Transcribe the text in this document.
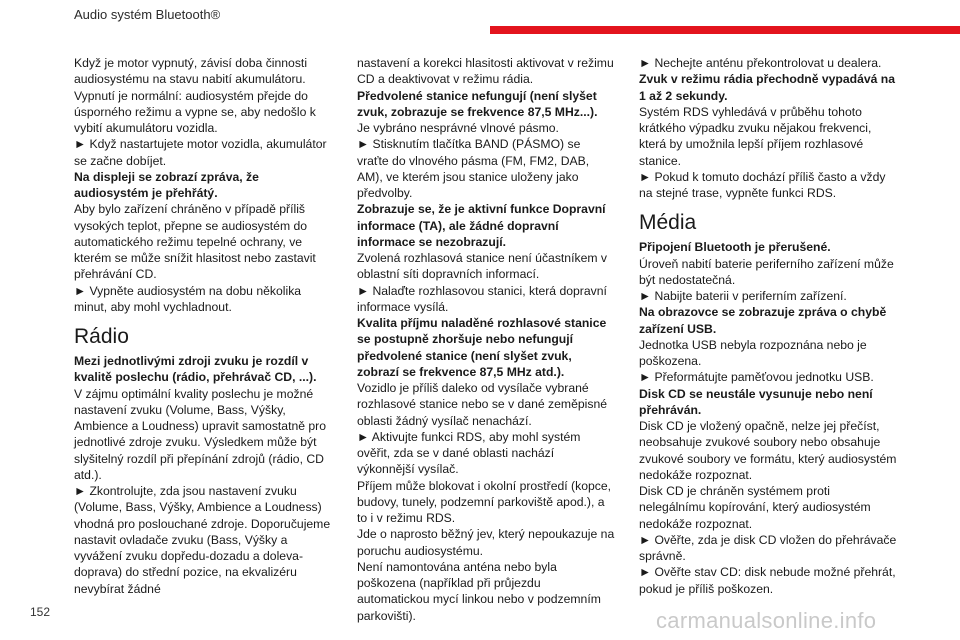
Audio systém Bluetooth®

Když je motor vypnutý, závisí doba činnosti audiosystému na stavu nabití akumulátoru. Vypnutí je normální: audiosystém přejde do úsporného režimu a vypne se, aby nedošlo k vybití akumulátoru vozidla.

► Když nastartujete motor vozidla, akumulátor se začne dobíjet.

Na displeji se zobrazí zpráva, že audiosystém je přehřátý.

Aby bylo zařízení chráněno v případě příliš vysokých teplot, přepne se audiosystém do automatického režimu tepelné ochrany, ve kterém se může snížit hlasitost nebo zastavit přehrávání CD.

► Vypněte audiosystém na dobu několika minut, aby mohl vychladnout.

Rádio

Mezi jednotlivými zdroji zvuku je rozdíl v kvalitě poslechu (rádio, přehrávač CD, ...).

V zájmu optimální kvality poslechu je možné nastavení zvuku (Volume, Bass, Výšky, Ambience a Loudness) upravit samostatně pro jednotlivé zdroje zvuku. Výsledkem může být slyšitelný rozdíl při přepínání zdrojů (rádio, CD atd.).

► Zkontrolujte, zda jsou nastavení zvuku (Volume, Bass, Výšky, Ambience a Loudness) vhodná pro poslouchané zdroje. Doporučujeme nastavit ovladače zvuku (Bass, Výšky a vyvážení zvuku dopředu-dozadu a doleva-doprava) do střední pozice, na ekvalizéru nevybírat žádné

nastavení a korekci hlasitosti aktivovat v režimu CD a deaktivovat v režimu rádia.

Předvolené stanice nefungují (není slyšet zvuk, zobrazuje se frekvence 87,5 MHz...).

Je vybráno nesprávné vlnové pásmo.

► Stisknutím tlačítka BAND (PÁSMO) se vraťte do vlnového pásma (FM, FM2, DAB, AM), ve kterém jsou stanice uloženy jako předvolby.

Zobrazuje se, že je aktivní funkce Dopravní informace (TA), ale žádné dopravní informace se nezobrazují.

Zvolená rozhlasová stanice není účastníkem v oblastní síti dopravních informací.

► Nalaďte rozhlasovou stanici, která dopravní informace vysílá.

Kvalita příjmu naladěné rozhlasové stanice se postupně zhoršuje nebo nefungují předvolené stanice (není slyšet zvuk, zobrazí se frekvence 87,5 MHz atd.).

Vozidlo je příliš daleko od vysílače vybrané rozhlasové stanice nebo se v dané zeměpisné oblasti žádný vysílač nenachází.

► Aktivujte funkci RDS, aby mohl systém ověřit, zda se v dané oblasti nachází výkonnější vysílač.

Příjem může blokovat i okolní prostředí (kopce, budovy, tunely, podzemní parkoviště apod.), a to i v režimu RDS.

Jde o naprosto běžný jev, který nepoukazuje na poruchu audiosystému.

Není namontována anténa nebo byla poškozena (například při průjezdu automatickou mycí linkou nebo v podzemním parkovišti).

► Nechejte anténu překontrolovat u dealera.

Zvuk v režimu rádia přechodně vypadává na 1 až 2 sekundy.

Systém RDS vyhledává v průběhu tohoto krátkého výpadku zvuku nějakou frekvenci, která by umožnila lepší příjem rozhlasové stanice.

► Pokud k tomuto dochází příliš často a vždy na stejné trase, vypněte funkci RDS.

Média

Připojení Bluetooth je přerušené.

Úroveň nabití baterie periferního zařízení může být nedostatečná.

► Nabijte baterii v periferním zařízení.

Na obrazovce se zobrazuje zpráva o chybě zařízení USB.

Jednotka USB nebyla rozpoznána nebo je poškozena.

► Přeformátujte paměťovou jednotku USB.

Disk CD se neustále vysunuje nebo není přehráván.

Disk CD je vložený opačně, nelze jej přečíst, neobsahuje zvukové soubory nebo obsahuje zvukové soubory ve formátu, který audiosystém nedokáže rozpoznat.

Disk CD je chráněn systémem proti nelegálnímu kopírování, který audiosystém nedokáže rozpoznat.

► Ověřte, zda je disk CD vložen do přehrávače správně.

► Ověřte stav CD: disk nebude možné přehrát, pokud je příliš poškozen.

152	carmanualsonline.info
